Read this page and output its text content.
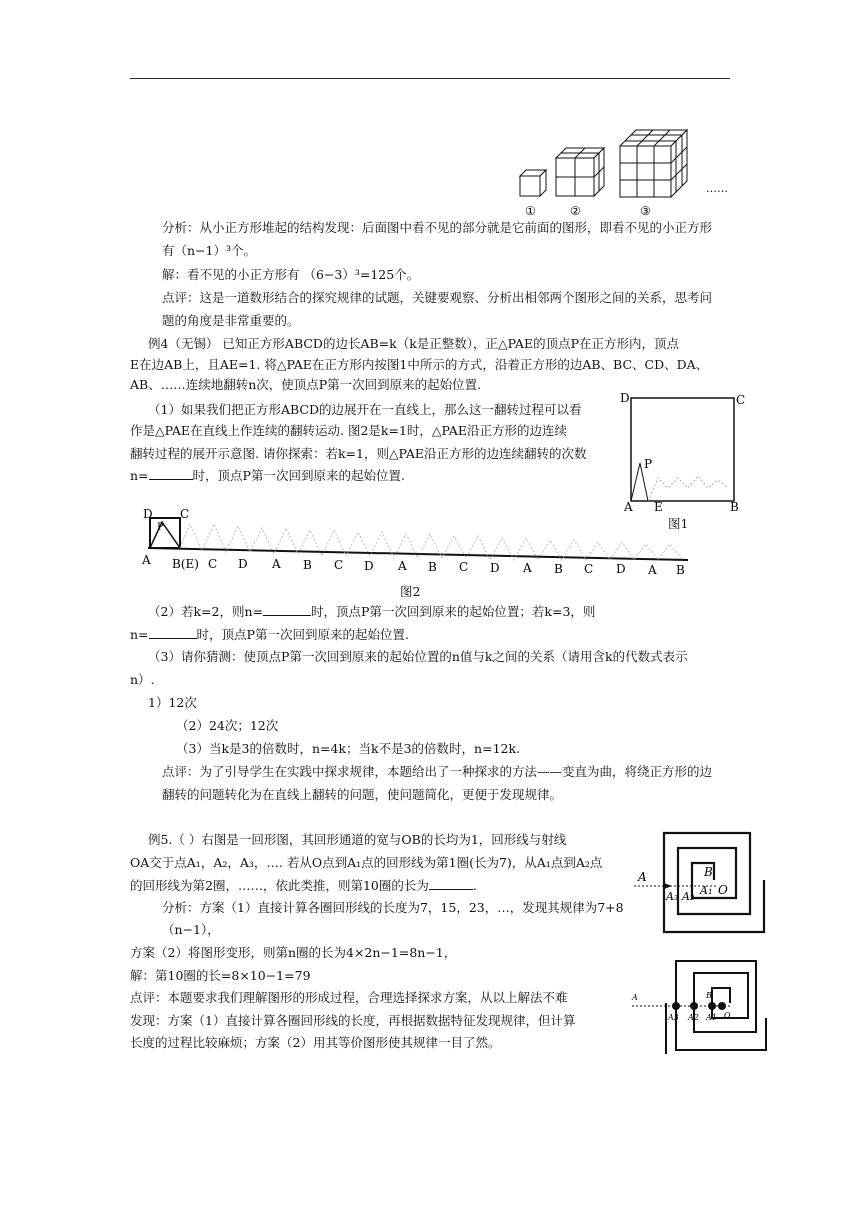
①	②	③
……
分析：从小正方形堆起的结构发现：后面图中看不见的部分就是它前面的图形，即看不见的小正方形
有（n−1）³个。
解：看不见的小正方形有 （6−3）³=125个。
点评：这是一道数形结合的探究规律的试题，关键要观察、分析出相邻两个图形之间的关系，思考问
题的角度是非常重要的。
例4（无锡） 已知正方形ABCD的边长AB=k（k是正整数），正△PAE的顶点P在正方形内，顶点
E在边AB上，且AE=1. 将△PAE在正方形内按图1中所示的方式，沿着正方形的边AB、BC、CD、DA、
AB、……连续地翻转n次，使顶点P第一次回到原来的起始位置.
（1）如果我们把正方形ABCD的边展开在一直线上，那么这一翻转过程可以看
作是△PAE在直线上作连续的翻转运动. 图2是k=1时，△PAE沿正方形的边连续
翻转过程的展开示意图. 请你探索：若k=1，则△PAE沿正方形的边连续翻转的次数
n=	时，顶点P第一次回到原来的起始位置.
D	C
P
A E	B
图1
D C
P
A B(E) C D A B C D A B C D A B C D A B
图2
（2）若k=2，则n=	时，顶点P第一次回到原来的起始位置；若k=3，则
n=	时，顶点P第一次回到原来的起始位置.
（3）请你猜测：使顶点P第一次回到原来的起始位置的n值与k之间的关系（请用含k的代数式表示
n）.
1）12次
（2）24次；12次
（3）当k是3的倍数时，n=4k；当k不是3的倍数时，n=12k.
点评：为了引导学生在实践中探求规律，本题给出了一种探求的方法——变直为曲，将绕正方形的边
翻转的问题转化为在直线上翻转的问题，使问题简化，更便于发现规律。
例5.（ ）右图是一回形图，其回形通道的宽与OB的长均为1，回形线与射线
OA交于点A₁，A₂，A₃，…. 若从O点到A₁点的回形线为第1圈(长为7)，从A₁点到A₂点
的回形线为第2圈，……，依此类推，则第10圈的长为	.
分析：方案（1）直接计算各圈回形线的长度为7，15，23，…，发现其规律为7+8
（n−1），
方案（2）将图形变形，则第n圈的长为4×2n−1=8n−1，
解：第10圈的长=8×10−1=79
点评：本题要求我们理解图形的形成过程，合理选择探求方案，从以上解法不难
发现：方案（1）直接计算各圈回形线的长度，再根据数据特征发现规律，但计算
长度的过程比较麻烦；方案（2）用其等价图形使其规律一目了然。
A
A₃ A₂ A₁
B
O
A
A3 A2 A1
B
O
